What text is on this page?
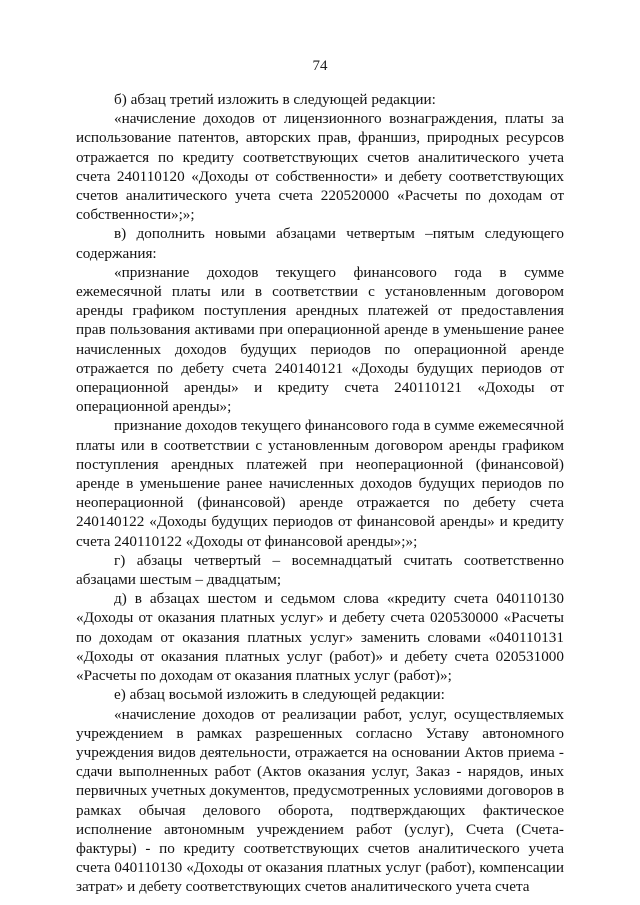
74

б) абзац третий изложить в следующей редакции:

«начисление доходов от лицензионного вознаграждения, платы за использование патентов, авторских прав, франшиз, природных ресурсов отражается по кредиту соответствующих счетов аналитического учета счета 240110120 «Доходы от собственности» и дебету соответствующих счетов аналитического учета счета 220520000 «Расчеты по доходам от собственности»;»;

в) дополнить новыми абзацами четвертым –пятым следующего содержания:

«признание доходов текущего финансового года в сумме ежемесячной платы или в соответствии с установленным договором аренды графиком поступления арендных платежей от предоставления прав пользования активами при операционной аренде в уменьшение ранее начисленных доходов будущих периодов по операционной аренде отражается по дебету счета 240140121 «Доходы будущих периодов от операционной аренды» и кредиту счета 240110121 «Доходы от операционной аренды»;

признание доходов текущего финансового года в сумме ежемесячной платы или в соответствии с установленным договором аренды графиком поступления арендных платежей при неоперационной (финансовой) аренде в уменьшение ранее начисленных доходов будущих периодов по неоперационной (финансовой) аренде отражается по дебету счета 240140122 «Доходы будущих периодов от финансовой аренды» и кредиту счета 240110122 «Доходы от финансовой аренды»;»;

г) абзацы четвертый – восемнадцатый считать соответственно абзацами шестым – двадцатым;

д) в абзацах шестом и седьмом слова «кредиту счета 040110130 «Доходы от оказания платных услуг» и дебету счета 020530000 «Расчеты по доходам от оказания платных услуг» заменить словами «040110131 «Доходы от оказания платных услуг (работ)» и дебету счета 020531000 «Расчеты по доходам от оказания платных услуг (работ)»;

е) абзац восьмой изложить в следующей редакции:

«начисление доходов от реализации работ, услуг, осуществляемых учреждением в рамках разрешенных согласно Уставу автономного учреждения видов деятельности, отражается на основании Актов приема - сдачи выполненных работ (Актов оказания услуг, Заказ - нарядов, иных первичных учетных документов, предусмотренных условиями договоров в рамках обычая делового оборота, подтверждающих фактическое исполнение автономным учреждением работ (услуг), Счета (Счета-фактуры) - по кредиту соответствующих счетов аналитического учета счета 040110130 «Доходы от оказания платных услуг (работ), компенсации затрат» и дебету соответствующих счетов аналитического учета счета
